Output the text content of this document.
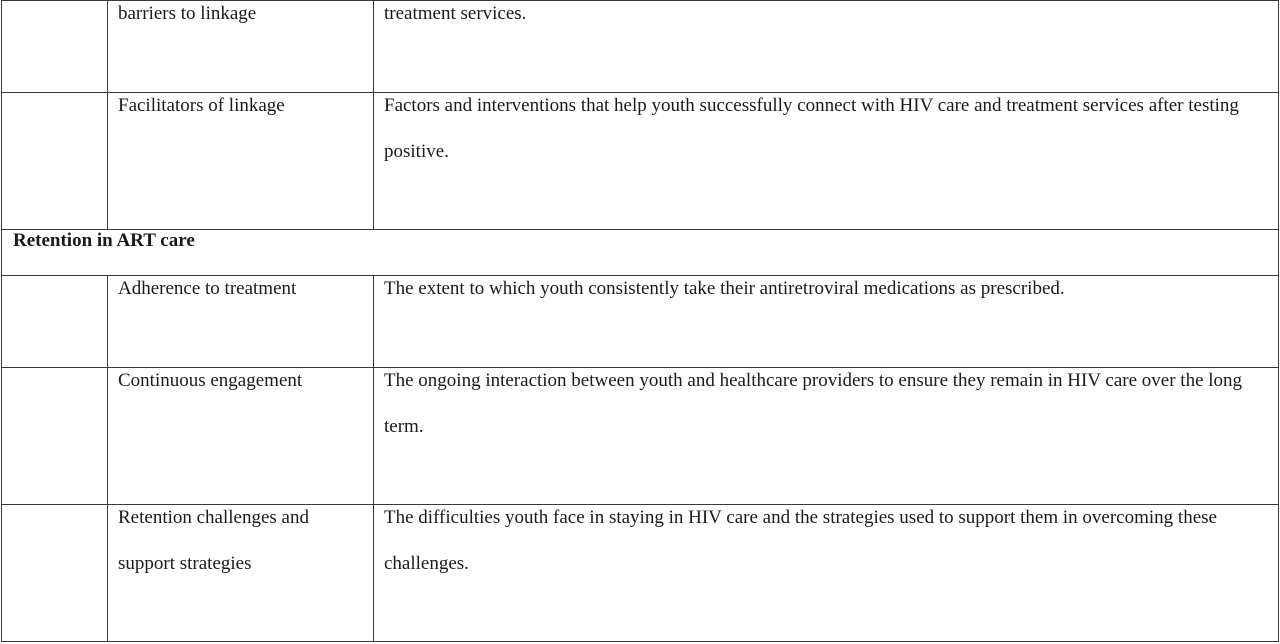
	barriers to linkage	treatment services.

	Facilitators of linkage	Factors and interventions that help youth successfully connect with HIV care and treatment services after testing positive.

Retention in ART care		

	Adherence to treatment	The extent to which youth consistently take their antiretroviral medications as prescribed.

	Continuous engagement	The ongoing interaction between youth and healthcare providers to ensure they remain in HIV care over the long term.

	Retention challenges and support strategies	The difficulties youth face in staying in HIV care and the strategies used to support them in overcoming these challenges.
